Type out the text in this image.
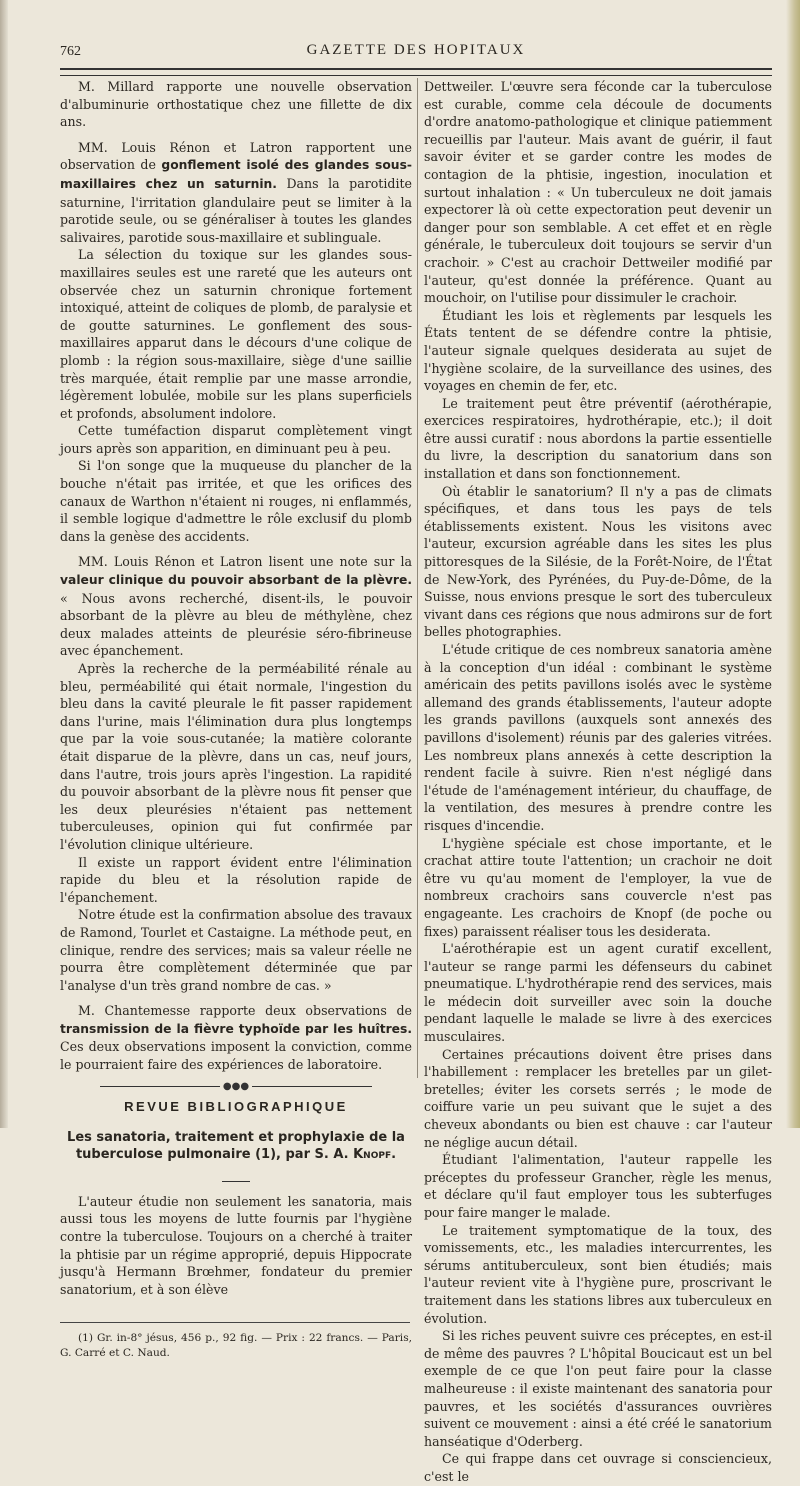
762	GAZETTE DES HOPITAUX

M. Millard rapporte une nouvelle observation d'albuminurie orthostatique chez une fillette de dix ans.

MM. Louis Rénon et Latron rapportent une observation de gonflement isolé des glandes sous-maxillaires chez un saturnin. Dans la parotidite saturnine, l'irritation glandulaire peut se limiter à la parotide seule, ou se généraliser à toutes les glandes salivaires, parotide sous-maxillaire et sublinguale.

La sélection du toxique sur les glandes sous-maxillaires seules est une rareté que les auteurs ont observée chez un saturnin chronique fortement intoxiqué, atteint de coliques de plomb, de paralysie et de goutte saturnines. Le gonflement des sous-maxillaires apparut dans le décours d'une colique de plomb : la région sous-maxillaire, siège d'une saillie très marquée, était remplie par une masse arrondie, légèrement lobulée, mobile sur les plans superficiels et profonds, absolument indolore.

Cette tuméfaction disparut complètement vingt jours après son apparition, en diminuant peu à peu.

Si l'on songe que la muqueuse du plancher de la bouche n'était pas irritée, et que les orifices des canaux de Warthon n'étaient ni rouges, ni enflammés, il semble logique d'admettre le rôle exclusif du plomb dans la genèse des accidents.

MM. Louis Rénon et Latron lisent une note sur la valeur clinique du pouvoir absorbant de la plèvre. « Nous avons recherché, disent-ils, le pouvoir absorbant de la plèvre au bleu de méthylène, chez deux malades atteints de pleurésie séro-fibrineuse avec épanchement.

Après la recherche de la perméabilité rénale au bleu, perméabilité qui était normale, l'ingestion du bleu dans la cavité pleurale le fit passer rapidement dans l'urine, mais l'élimination dura plus longtemps que par la voie sous-cutanée; la matière colorante était disparue de la plèvre, dans un cas, neuf jours, dans l'autre, trois jours après l'ingestion. La rapidité du pouvoir absorbant de la plèvre nous fit penser que les deux pleurésies n'étaient pas nettement tuberculeuses, opinion qui fut confirmée par l'évolution clinique ultérieure.

Il existe un rapport évident entre l'élimination rapide du bleu et la résolution rapide de l'épanchement.

Notre étude est la confirmation absolue des travaux de Ramond, Tourlet et Castaigne. La méthode peut, en clinique, rendre des services; mais sa valeur réelle ne pourra être complètement déterminée que par l'analyse d'un très grand nombre de cas. »

M. Chantemesse rapporte deux observations de transmission de la fièvre typhoïde par les huîtres. Ces deux observations imposent la conviction, comme le pourraient faire des expériences de laboratoire.

●●●
REVUE BIBLIOGRAPHIQUE
Les sanatoria, traitement et prophylaxie de la tuberculose pulmonaire (1), par S. A. Knopf.

L'auteur étudie non seulement les sanatoria, mais aussi tous les moyens de lutte fournis par l'hygiène contre la tuberculose. Toujours on a cherché à traiter la phtisie par un régime approprié, depuis Hippocrate jusqu'à Hermann Brœhmer, fondateur du premier sanatorium, et à son élève

(1) Gr. in-8° jésus, 456 p., 92 fig. — Prix : 22 francs. — Paris, G. Carré et C. Naud.

Dettweiler. L'œuvre sera féconde car la tuberculose est curable, comme cela découle de documents d'ordre anatomo-pathologique et clinique patiemment recueillis par l'auteur. Mais avant de guérir, il faut savoir éviter et se garder contre les modes de contagion de la phtisie, ingestion, inoculation et surtout inhalation : « Un tuberculeux ne doit jamais expectorer là où cette expectoration peut devenir un danger pour son semblable. A cet effet et en règle générale, le tuberculeux doit toujours se servir d'un crachoir. » C'est au crachoir Dettweiler modifié par l'auteur, qu'est donnée la préférence. Quant au mouchoir, on l'utilise pour dissimuler le crachoir.

Étudiant les lois et règlements par lesquels les États tentent de se défendre contre la phtisie, l'auteur signale quelques desiderata au sujet de l'hygiène scolaire, de la surveillance des usines, des voyages en chemin de fer, etc.

Le traitement peut être préventif (aérothérapie, exercices respiratoires, hydrothérapie, etc.); il doit être aussi curatif : nous abordons la partie essentielle du livre, la description du sanatorium dans son installation et dans son fonctionnement.

Où établir le sanatorium? Il n'y a pas de climats spécifiques, et dans tous les pays de tels établissements existent. Nous les visitons avec l'auteur, excursion agréable dans les sites les plus pittoresques de la Silésie, de la Forêt-Noire, de l'État de New-York, des Pyrénées, du Puy-de-Dôme, de la Suisse, nous envions presque le sort des tuberculeux vivant dans ces régions que nous admirons sur de fort belles photographies.

L'étude critique de ces nombreux sanatoria amène à la conception d'un idéal : combinant le système américain des petits pavillons isolés avec le système allemand des grands établissements, l'auteur adopte les grands pavillons (auxquels sont annexés des pavillons d'isolement) réunis par des galeries vitrées. Les nombreux plans annexés à cette description la rendent facile à suivre. Rien n'est négligé dans l'étude de l'aménagement intérieur, du chauffage, de la ventilation, des mesures à prendre contre les risques d'incendie.

L'hygiène spéciale est chose importante, et le crachat attire toute l'attention; un crachoir ne doit être vu qu'au moment de l'employer, la vue de nombreux crachoirs sans couvercle n'est pas engageante. Les crachoirs de Knopf (de poche ou fixes) paraissent réaliser tous les desiderata.

L'aérothérapie est un agent curatif excellent, l'auteur se range parmi les défenseurs du cabinet pneumatique. L'hydrothérapie rend des services, mais le médecin doit surveiller avec soin la douche pendant laquelle le malade se livre à des exercices musculaires.

Certaines précautions doivent être prises dans l'habillement : remplacer les bretelles par un gilet-bretelles; éviter les corsets serrés ; le mode de coiffure varie un peu suivant que le sujet a des cheveux abondants ou bien est chauve : car l'auteur ne néglige aucun détail.

Étudiant l'alimentation, l'auteur rappelle les préceptes du professeur Grancher, règle les menus, et déclare qu'il faut employer tous les subterfuges pour faire manger le malade.

Le traitement symptomatique de la toux, des vomissements, etc., les maladies intercurrentes, les sérums antituberculeux, sont bien étudiés; mais l'auteur revient vite à l'hygiène pure, proscrivant le traitement dans les stations libres aux tuberculeux en évolution.

Si les riches peuvent suivre ces préceptes, en est-il de même des pauvres ? L'hôpital Boucicaut est un bel exemple de ce que l'on peut faire pour la classe malheureuse : il existe maintenant des sanatoria pour pauvres, et les sociétés d'assurances ouvrières suivent ce mouvement : ainsi a été créé le sanatorium hanséatique d'Oderberg.

Ce qui frappe dans cet ouvrage si consciencieux, c'est le
